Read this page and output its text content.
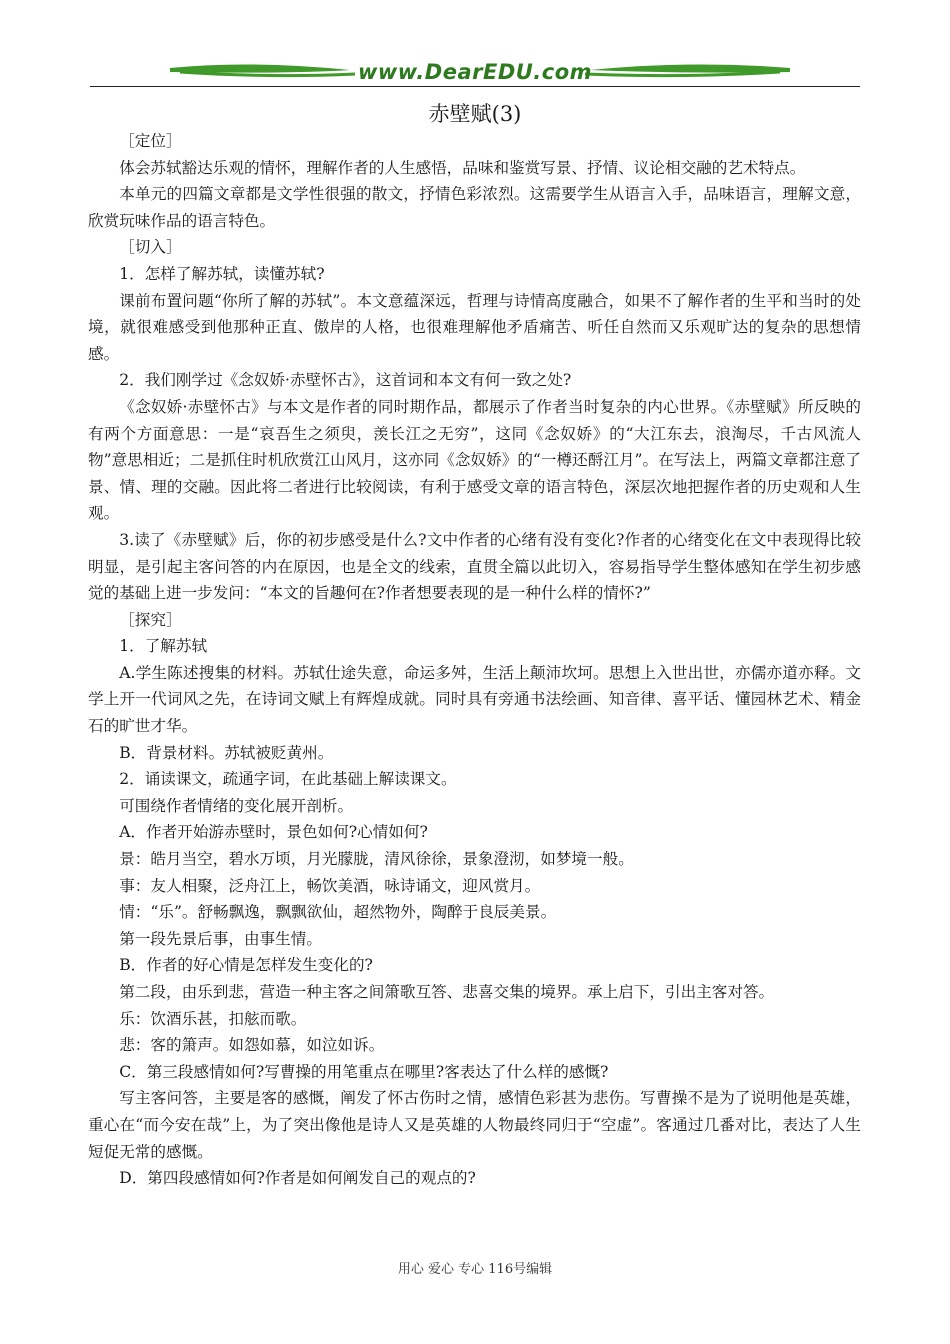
www.DearEDU.com
赤壁赋(3)

［定位］

体会苏轼豁达乐观的情怀，理解作者的人生感悟，品味和鉴赏写景、抒情、议论相交融的艺术特点。

本单元的四篇文章都是文学性很强的散文，抒情色彩浓烈。这需要学生从语言入手，品味语言，理解文意，欣赏玩味作品的语言特色。

［切入］

1．怎样了解苏轼，读懂苏轼?

课前布置问题“你所了解的苏轼”。本文意蕴深远，哲理与诗情高度融合，如果不了解作者的生平和当时的处境，就很难感受到他那种正直、傲岸的人格，也很难理解他矛盾痛苦、听任自然而又乐观旷达的复杂的思想情感。

2．我们刚学过《念奴娇·赤壁怀古》，这首词和本文有何一致之处?

《念奴娇·赤壁怀古》与本文是作者的同时期作品，都展示了作者当时复杂的内心世界。《赤壁赋》所反映的有两个方面意思：一是“哀吾生之须臾，羡长江之无穷”，这同《念奴娇》的“大江东去，浪淘尽，千古风流人物”意思相近；二是抓住时机欣赏江山风月，这亦同《念奴娇》的“一樽还酹江月”。在写法上，两篇文章都注意了景、情、理的交融。因此将二者进行比较阅读，有利于感受文章的语言特色，深层次地把握作者的历史观和人生观。

3.读了《赤壁赋》后，你的初步感受是什么?文中作者的心绪有没有变化?作者的心绪变化在文中表现得比较明显，是引起主客问答的内在原因，也是全文的线索，直贯全篇以此切入，容易指导学生整体感知在学生初步感觉的基础上进一步发问：“本文的旨趣何在?作者想要表现的是一种什么样的情怀?”

［探究］

1．了解苏轼

A.学生陈述搜集的材料。苏轼仕途失意，命运多舛，生活上颠沛坎坷。思想上入世出世，亦儒亦道亦释。文学上开一代词风之先，在诗词文赋上有辉煌成就。同时具有旁通书法绘画、知音律、喜平话、懂园林艺术、精金石的旷世才华。

B．背景材料。苏轼被贬黄州。

2．诵读课文，疏通字词，在此基础上解读课文。

可围绕作者情绪的变化展开剖析。

A．作者开始游赤壁时，景色如何?心情如何?

景：皓月当空，碧水万顷，月光朦胧，清风徐徐，景象澄沏，如梦境一般。

事：友人相聚，泛舟江上，畅饮美酒，咏诗诵文，迎风赏月。

情：“乐”。舒畅飘逸，飘飘欲仙，超然物外，陶醉于良辰美景。

第一段先景后事，由事生情。

B．作者的好心情是怎样发生变化的?

第二段，由乐到悲，营造一种主客之间箫歌互答、悲喜交集的境界。承上启下，引出主客对答。

乐：饮酒乐甚，扣舷而歌。

悲：客的箫声。如怨如慕，如泣如诉。

C．第三段感情如何?写曹操的用笔重点在哪里?客表达了什么样的感慨?

写主客问答，主要是客的感慨，阐发了怀古伤时之情，感情色彩甚为悲伤。写曹操不是为了说明他是英雄，重心在“而今安在哉”上，为了突出像他是诗人又是英雄的人物最终同归于“空虚”。客通过几番对比，表达了人生短促无常的感慨。

D．第四段感情如何?作者是如何阐发自己的观点的?

用心 爱心 专心 116号编辑
